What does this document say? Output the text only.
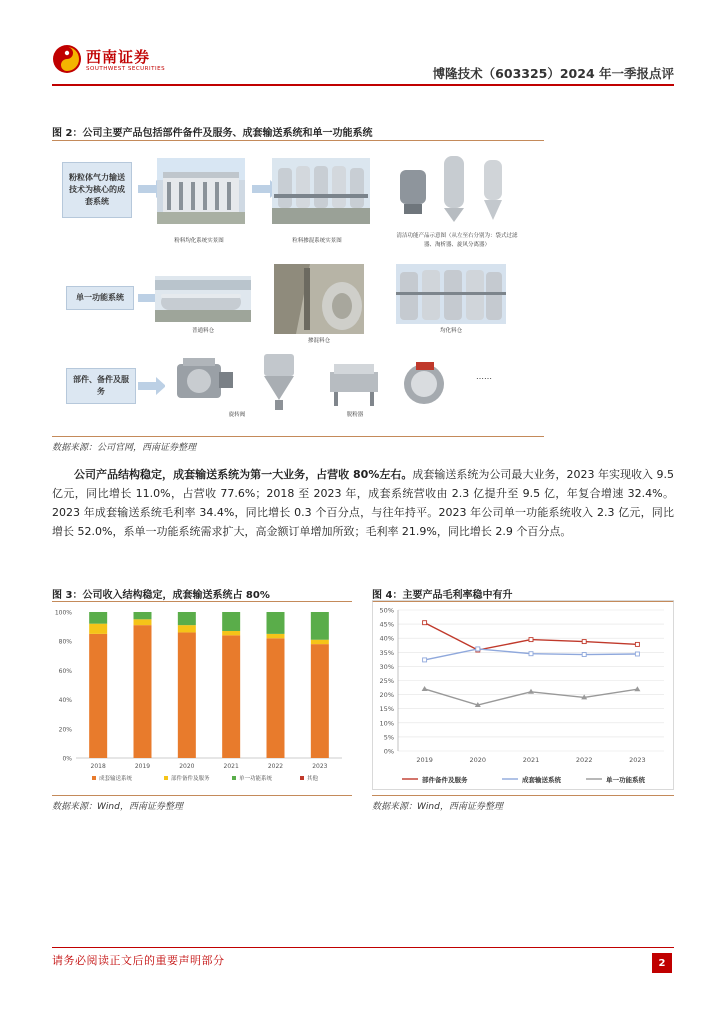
西南证券
SOUTHWEST SECURITIES	博隆技术（603325）2024 年一季报点评
图 2：公司主要产品包括部件备件及服务、成套输送系统和单一功能系统
粉粒体气力输送技术为核心的成套系统
粉料均化系统实景图	粒料掺混系统实景图
清洁功能产品示意图（从左至右分别为：袋式过滤器、淘析器、旋风分离器）
单一功能系统
普通料仓
掺混料仓
均化料仓
部件、备件及服务
……
旋转阀	脱粉器
数据来源：公司官网，西南证券整理
公司产品结构稳定，成套输送系统为第一大业务，占营收 80%左右。成套输送系统为公司最大业务，2023 年实现收入 9.5 亿元，同比增长 11.0%，占营收 77.6%；2018 至 2023 年，成套系统营收由 2.3 亿提升至 9.5 亿，年复合增速 32.4%。2023 年成套输送系统毛利率 34.4%，同比增长 0.3 个百分点，与往年持平。2023 年公司单一功能系统收入 2.3 亿元，同比增长 52.0%，系单一功能系统需求扩大，高金额订单增加所致；毛利率 21.9%，同比增长 2.9 个百分点。
图 3：公司收入结构稳定，成套输送系统占 80%
0%
20%
40%
60%
80%
100%
2018	2019	2020	2021	2022	2023
成套输送系统	部件备件及服务	单一功能系统	其他
数据来源：Wind，西南证券整理
图 4：主要产品毛利率稳中有升
0%
5%
10%
15%
20%
25%
30%
35%
40%
45%
50%
2019	2020	2021	2022	2023
部件备件及服务	成套输送系统	单一功能系统
数据来源：Wind，西南证券整理
请务必阅读正文后的重要声明部分	2
